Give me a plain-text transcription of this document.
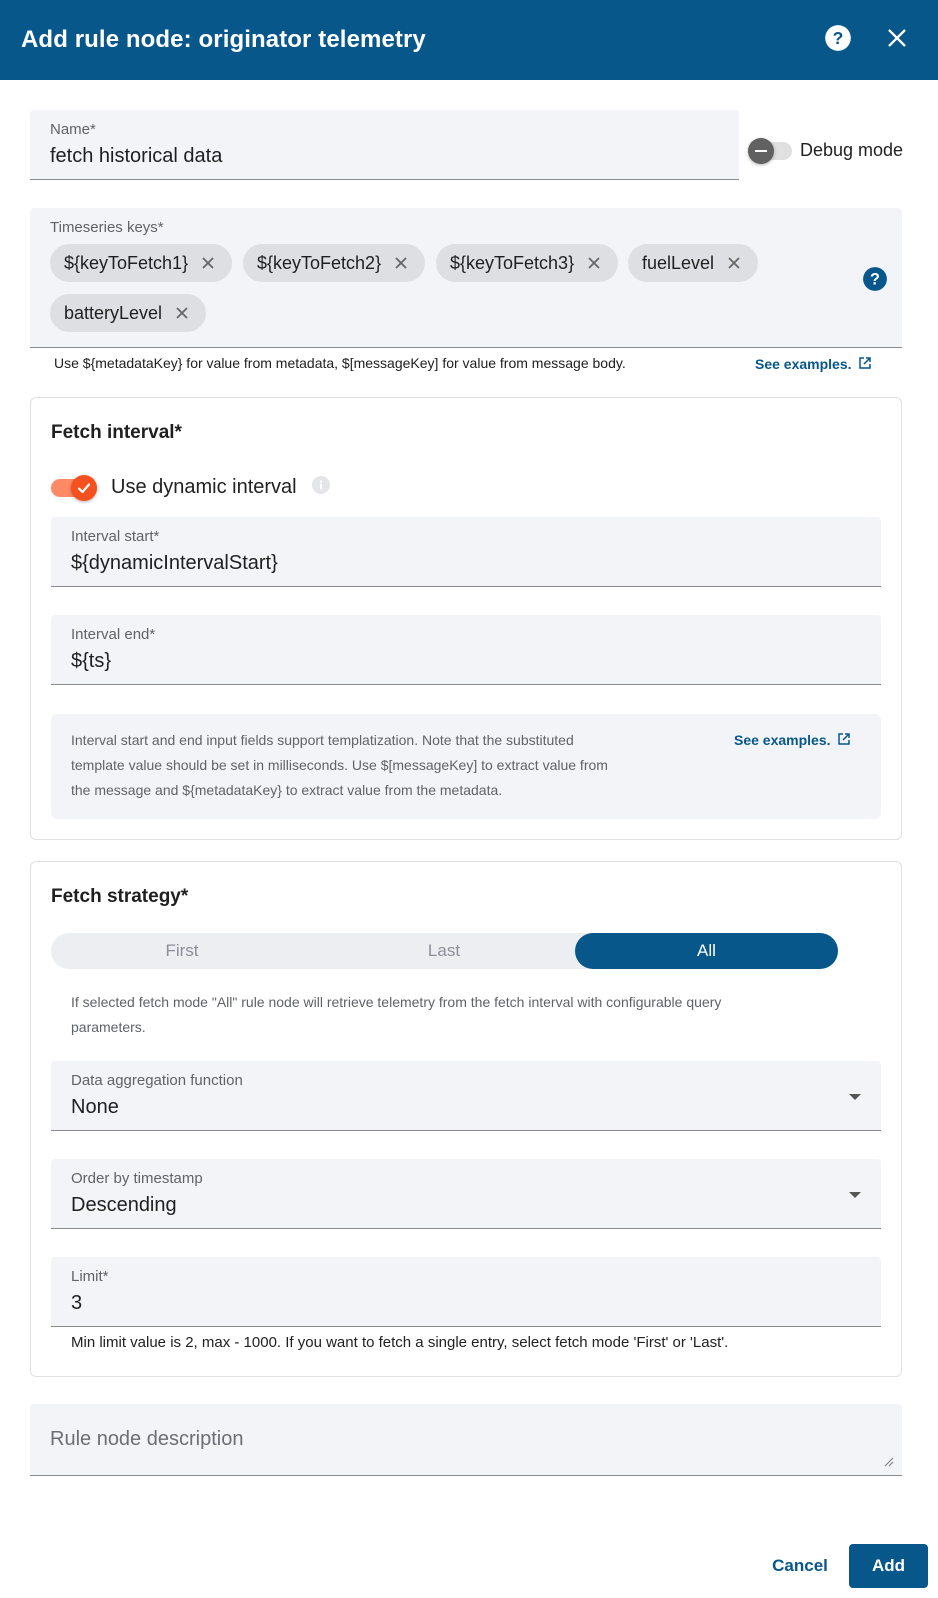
Add rule node: originator telemetry	?
Name*
fetch historical data	Debug mode
Timeseries keys*
${keyToFetch1}	${keyToFetch2}	${keyToFetch3}	fuelLevel
batteryLevel
?
Use ${metadataKey} for value from metadata, $[messageKey] for value from message body.	See examples.
Fetch interval*
Use dynamic interval
Interval start*
${dynamicIntervalStart}
Interval end*
${ts}
Interval start and end input fields support templatization. Note that the substituted
template value should be set in milliseconds. Use $[messageKey] to extract value from
the message and ${metadataKey} to extract value from the metadata.
See examples.
Fetch strategy*
First	Last	All
If selected fetch mode "All" rule node will retrieve telemetry from the fetch interval with configurable query
parameters.
Data aggregation function
None
Order by timestamp
Descending
Limit*
3
Min limit value is 2, max - 1000. If you want to fetch a single entry, select fetch mode 'First' or 'Last'.
Rule node description
Cancel	Add
